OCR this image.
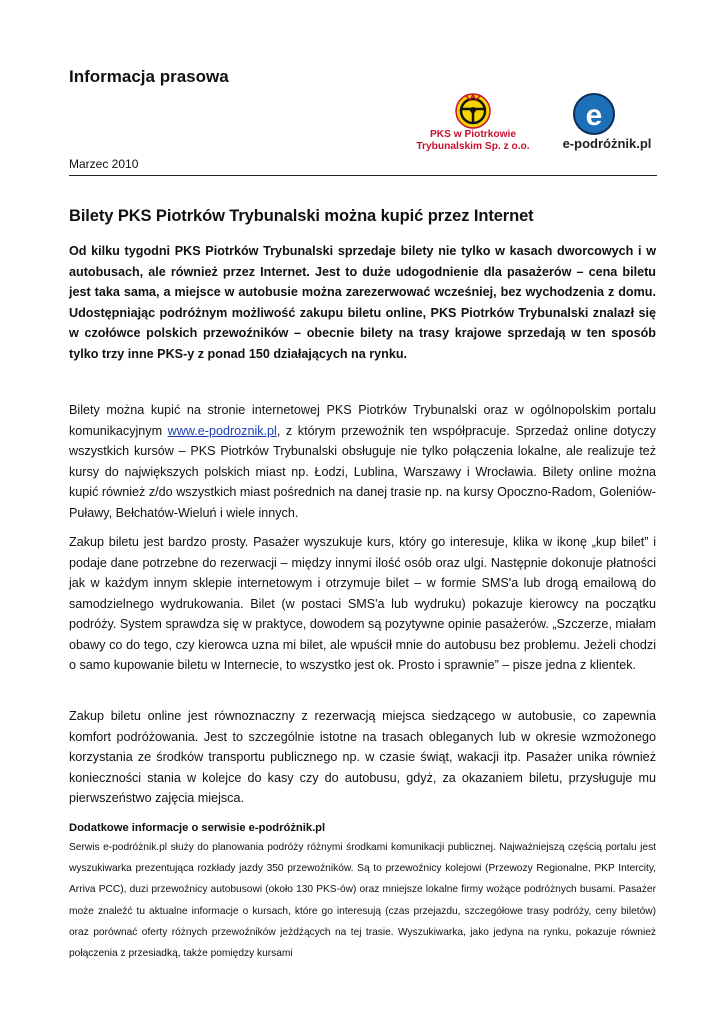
Informacja prasowa
PKS w Piotrkowie
Trybunalskim Sp. z o.o.
e
e-podróżnik.pl
Marzec 2010
Bilety PKS Piotrków Trybunalski można kupić przez Internet
Od kilku tygodni PKS Piotrków Trybunalski sprzedaje bilety nie tylko w kasach dworcowych i w autobusach, ale również przez Internet. Jest to duże udogodnienie dla pasażerów – cena biletu jest taka sama, a miejsce w autobusie można zarezerwować wcześniej, bez wychodzenia z domu. Udostępniając podróżnym możliwość zakupu biletu online, PKS Piotrków Trybunalski znalazł się w czołówce polskich przewoźników – obecnie bilety na trasy krajowe sprzedają w ten sposób tylko trzy inne PKS-y z ponad 150 działających na rynku.
Bilety można kupić na stronie internetowej PKS Piotrków Trybunalski oraz w ogólnopolskim portalu komunikacyjnym www.e-podroznik.pl, z którym przewoźnik ten współpracuje. Sprzedaż online dotyczy wszystkich kursów – PKS Piotrków Trybunalski obsługuje nie tylko połączenia lokalne, ale realizuje też kursy do największych polskich miast np. Łodzi, Lublina, Warszawy i Wrocławia. Bilety online można kupić również z/do wszystkich miast pośrednich na danej trasie np. na kursy Opoczno-Radom, Goleniów-Puławy, Bełchatów-Wieluń i wiele innych.
Zakup biletu jest bardzo prosty. Pasażer wyszukuje kurs, który go interesuje, klika w ikonę „kup bilet” i podaje dane potrzebne do rezerwacji – między innymi ilość osób oraz ulgi. Następnie dokonuje płatności jak w każdym innym sklepie internetowym i otrzymuje bilet – w formie SMS'a lub drogą emailową do samodzielnego wydrukowania. Bilet (w postaci SMS'a lub wydruku) pokazuje kierowcy na początku podróży. System sprawdza się w praktyce, dowodem są pozytywne opinie pasażerów. „Szczerze, miałam obawy co do tego, czy kierowca uzna mi bilet, ale wpuścił mnie do autobusu bez problemu. Jeżeli chodzi o samo kupowanie biletu w Internecie, to wszystko jest ok. Prosto i sprawnie” – pisze jedna z klientek.
Zakup biletu online jest równoznaczny z rezerwacją miejsca siedzącego w autobusie, co zapewnia komfort podróżowania. Jest to szczególnie istotne na trasach obleganych lub w okresie wzmożonego korzystania ze środków transportu publicznego np. w czasie świąt, wakacji itp. Pasażer unika również konieczności stania w kolejce do kasy czy do autobusu, gdyż, za okazaniem biletu, przysługuje mu pierwszeństwo zajęcia miejsca.
Dodatkowe informacje o serwisie e-podróżnik.pl
Serwis e-podróżnik.pl służy do planowania podróży różnymi środkami komunikacji publicznej. Najważniejszą częścią portalu jest wyszukiwarka prezentująca rozkłady jazdy 350 przewoźników. Są to przewoźnicy kolejowi (Przewozy Regionalne, PKP Intercity, Arriva PCC), duzi przewoźnicy autobusowi (około 130 PKS-ów) oraz mniejsze lokalne firmy wożące podróżnych busami. Pasażer może znaleźć tu aktualne informacje o kursach, które go interesują (czas przejazdu, szczegółowe trasy podróży, ceny biletów) oraz porównać oferty różnych przewoźników jeżdżących na tej trasie. Wyszukiwarka, jako jedyna na rynku, pokazuje również połączenia z przesiadką, także pomiędzy kursami
